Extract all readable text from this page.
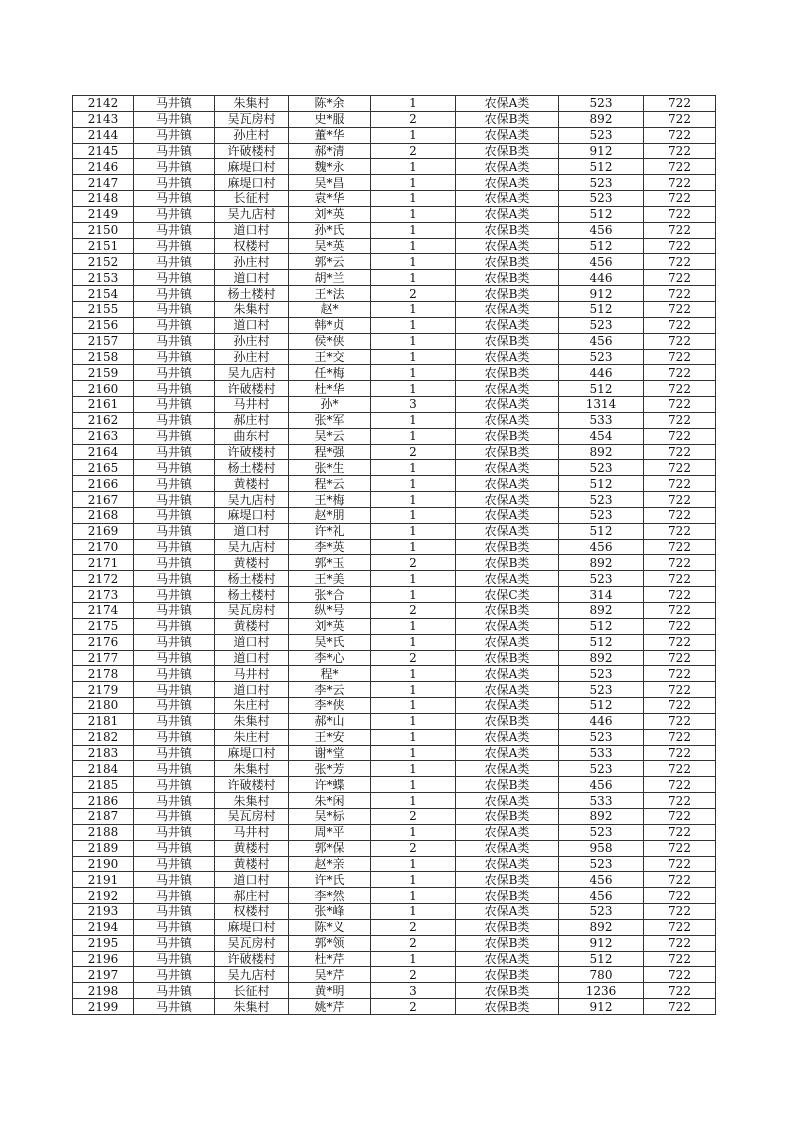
2142	马井镇	朱集村	陈*余	1	农保A类	523	722
2143	马井镇	吴瓦房村	史*服	2	农保B类	892	722
2144	马井镇	孙庄村	董*华	1	农保A类	523	722
2145	马井镇	许破楼村	郝*清	2	农保B类	912	722
2146	马井镇	麻堤口村	魏*永	1	农保A类	512	722
2147	马井镇	麻堤口村	吴*昌	1	农保A类	523	722
2148	马井镇	长征村	袁*华	1	农保A类	523	722
2149	马井镇	吴九店村	刘*英	1	农保A类	512	722
2150	马井镇	道口村	孙*氏	1	农保B类	456	722
2151	马井镇	权楼村	吴*英	1	农保A类	512	722
2152	马井镇	孙庄村	郭*云	1	农保B类	456	722
2153	马井镇	道口村	胡*兰	1	农保B类	446	722
2154	马井镇	杨土楼村	王*法	2	农保B类	912	722
2155	马井镇	朱集村	赵*	1	农保A类	512	722
2156	马井镇	道口村	韩*贞	1	农保A类	523	722
2157	马井镇	孙庄村	侯*侠	1	农保B类	456	722
2158	马井镇	孙庄村	王*交	1	农保A类	523	722
2159	马井镇	吴九店村	任*梅	1	农保B类	446	722
2160	马井镇	许破楼村	杜*华	1	农保A类	512	722
2161	马井镇	马井村	孙*	3	农保A类	1314	722
2162	马井镇	郝庄村	张*军	1	农保A类	533	722
2163	马井镇	曲东村	吴*云	1	农保B类	454	722
2164	马井镇	许破楼村	程*强	2	农保B类	892	722
2165	马井镇	杨土楼村	张*生	1	农保A类	523	722
2166	马井镇	黄楼村	程*云	1	农保A类	512	722
2167	马井镇	吴九店村	王*梅	1	农保A类	523	722
2168	马井镇	麻堤口村	赵*朋	1	农保A类	523	722
2169	马井镇	道口村	许*礼	1	农保A类	512	722
2170	马井镇	吴九店村	李*英	1	农保B类	456	722
2171	马井镇	黄楼村	郭*玉	2	农保B类	892	722
2172	马井镇	杨土楼村	王*美	1	农保A类	523	722
2173	马井镇	杨土楼村	张*合	1	农保C类	314	722
2174	马井镇	吴瓦房村	纵*号	2	农保B类	892	722
2175	马井镇	黄楼村	刘*英	1	农保A类	512	722
2176	马井镇	道口村	吴*氏	1	农保A类	512	722
2177	马井镇	道口村	李*心	2	农保B类	892	722
2178	马井镇	马井村	程*	1	农保A类	523	722
2179	马井镇	道口村	李*云	1	农保A类	523	722
2180	马井镇	朱庄村	李*侠	1	农保A类	512	722
2181	马井镇	朱集村	郝*山	1	农保B类	446	722
2182	马井镇	朱庄村	王*安	1	农保A类	523	722
2183	马井镇	麻堤口村	谢*堂	1	农保A类	533	722
2184	马井镇	朱集村	张*芳	1	农保A类	523	722
2185	马井镇	许破楼村	许*蝶	1	农保B类	456	722
2186	马井镇	朱集村	朱*闲	1	农保A类	533	722
2187	马井镇	吴瓦房村	吴*标	2	农保B类	892	722
2188	马井镇	马井村	周*平	1	农保A类	523	722
2189	马井镇	黄楼村	郭*保	2	农保A类	958	722
2190	马井镇	黄楼村	赵*亲	1	农保A类	523	722
2191	马井镇	道口村	许*氏	1	农保B类	456	722
2192	马井镇	郝庄村	李*然	1	农保B类	456	722
2193	马井镇	权楼村	张*峰	1	农保A类	523	722
2194	马井镇	麻堤口村	陈*义	2	农保B类	892	722
2195	马井镇	吴瓦房村	郭*领	2	农保B类	912	722
2196	马井镇	许破楼村	杜*芹	1	农保A类	512	722
2197	马井镇	吴九店村	吴*芹	2	农保B类	780	722
2198	马井镇	长征村	黄*明	3	农保B类	1236	722
2199	马井镇	朱集村	姚*芹	2	农保B类	912	722
